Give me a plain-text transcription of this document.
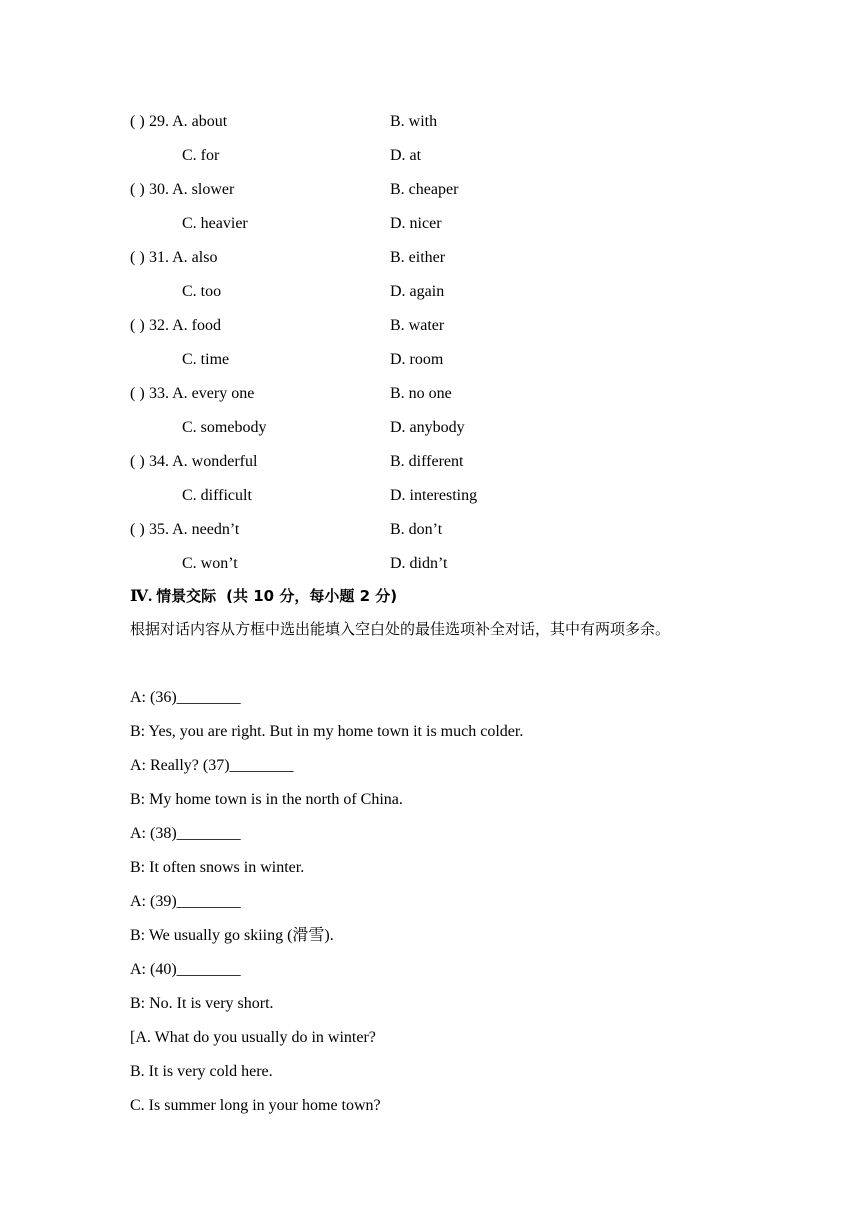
( ) 29. A. about	B. with
C. for	D. at
( ) 30. A. slower	B. cheaper
C. heavier	D. nicer
( ) 31. A. also	B. either
C. too	D. again
( ) 32. A. food	B. water
C. time	D. room
( ) 33. A. every one	B. no one
C. somebody	D. anybody
( ) 34. A. wonderful	B. different
C. difficult	D. interesting
( ) 35. A. needn’t	B. don’t
C. won’t	D. didn’t
Ⅳ. 情景交际 (共 10 分，每小题 2 分)
根据对话内容从方框中选出能填入空白处的最佳选项补全对话，其中有两项多余。
A: (36)________
B: Yes, you are right. But in my home town it is much colder.
A: Really? (37)________
B: My home town is in the north of China.
A: (38)________
B: It often snows in winter.
A: (39)________
B: We usually go skiing (滑雪).
A: (40)________
B: No. It is very short.
[A. What do you usually do in winter?
B. It is very cold here.
C. Is summer long in your home town?
